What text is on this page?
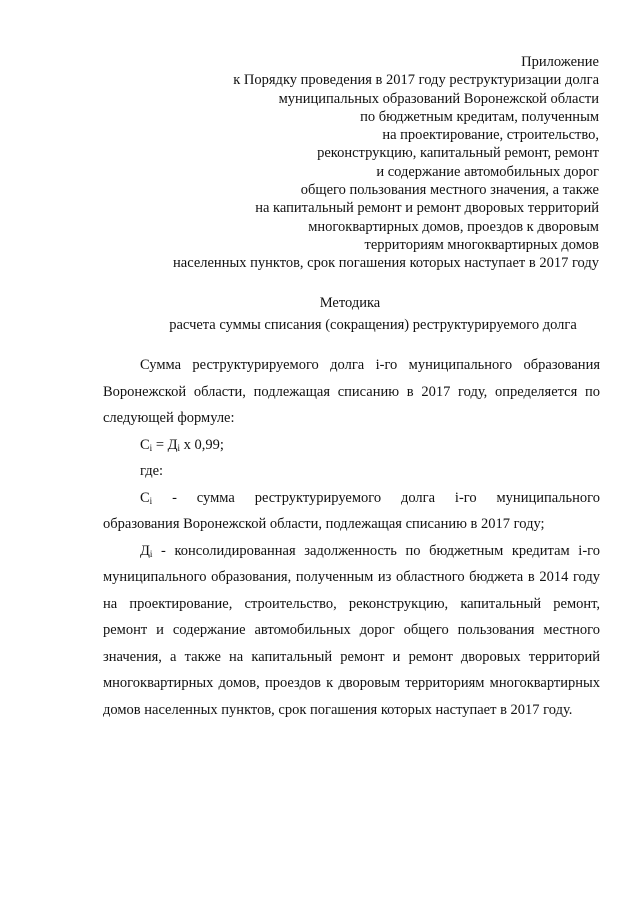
Приложение
к Порядку проведения в 2017 году реструктуризации долга
муниципальных образований Воронежской области
по бюджетным кредитам, полученным
на проектирование, строительство,
реконструкцию, капитальный ремонт, ремонт
и содержание автомобильных дорог
общего пользования местного значения, а также
на капитальный ремонт и ремонт дворовых территорий
многоквартирных домов, проездов к дворовым
территориям многоквартирных домов
населенных пунктов, срок погашения которых наступает в 2017 году
Методика
расчета суммы списания (сокращения) реструктурируемого долга

Сумма реструктурируемого долга i-го муниципального образования Воронежской области, подлежащая списанию в 2017 году, определяется по следующей формуле:

$С_i = Д_i$ х 0,99;

где:

$С_i$   -   сумма   реструктурируемого   долга   i-го   муниципального образования Воронежской области, подлежащая списанию в 2017 году;

$Д_i$ - консолидированная задолженность по бюджетным кредитам i-го муниципального образования, полученным из областного бюджета в 2014 году на проектирование, строительство, реконструкцию, капитальный ремонт, ремонт и содержание автомобильных дорог общего пользования местного значения, а также на капитальный ремонт и ремонт дворовых территорий многоквартирных домов, проездов к дворовым территориям многоквартирных домов населенных пунктов, срок погашения которых наступает в 2017 году.
